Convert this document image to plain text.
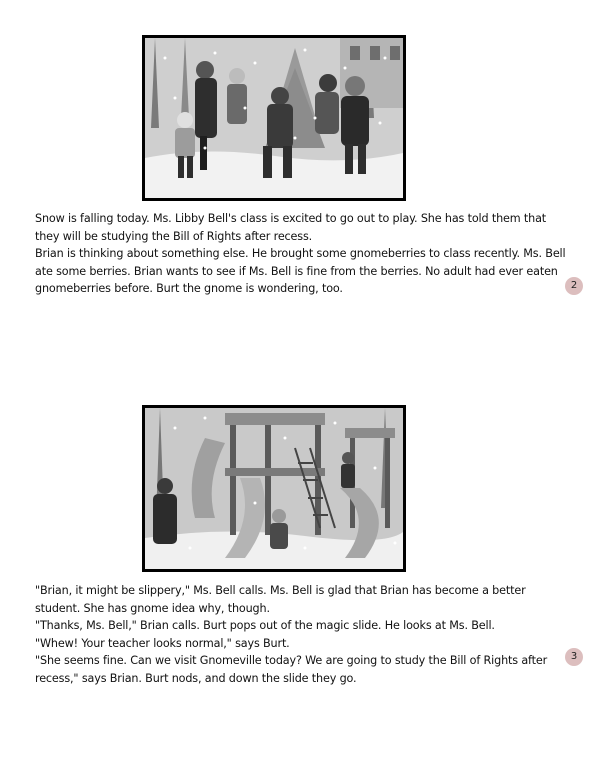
Snow is falling today. Ms. Libby Bell's class is excited to go out to play. She has told them that they will be studying the Bill of Rights after recess.

Brian is thinking about something else. He brought some gnomeberries to class recently. Ms. Bell ate some berries. Brian wants to see if Ms. Bell is fine from the berries. No adult had ever eaten gnomeberries before. Burt the gnome is wondering, too.	2

"Brian, it might be slippery," Ms. Bell calls. Ms. Bell is glad that Brian has become a better student. She has gnome idea why, though.

"Thanks, Ms. Bell," Brian calls. Burt pops out of the magic slide. He looks at Ms. Bell.

"Whew! Your teacher looks normal," says Burt.

"She seems fine. Can we visit Gnomeville today? We are going to study the Bill of Rights after recess," says Brian. Burt nods, and down the slide they go.

3
